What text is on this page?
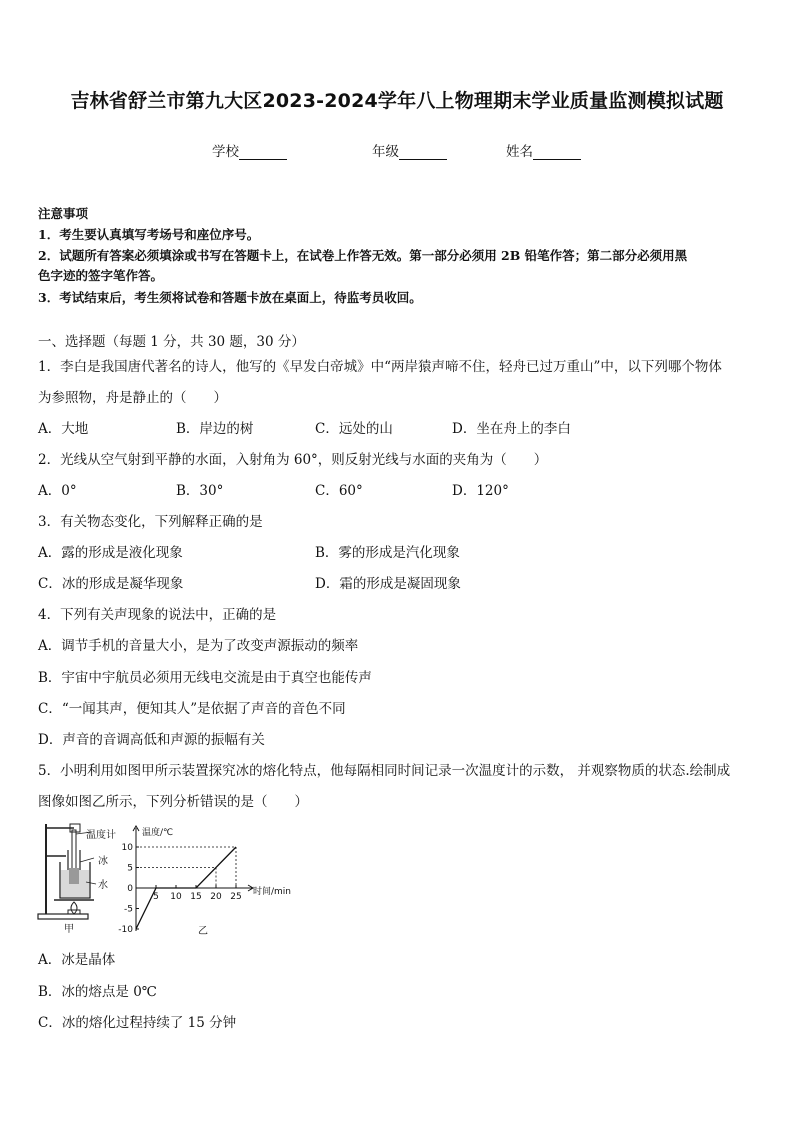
吉林省舒兰市第九大区2023-2024学年八上物理期末学业质量监测模拟试题
学校	年级	姓名
注意事项
1．考生要认真填写考场号和座位序号。
2．试题所有答案必须填涂或书写在答题卡上，在试卷上作答无效。第一部分必须用 2B 铅笔作答；第二部分必须用黑
色字迹的签字笔作答。
3．考试结束后，考生须将试卷和答题卡放在桌面上，待监考员收回。
一、选择题（每题 1 分，共 30 题，30 分）
1．李白是我国唐代著名的诗人，他写的《早发白帝城》中“两岸猿声啼不住，轻舟已过万重山”中，以下列哪个物体
为参照物，舟是静止的（　　）
A．大地	B．岸边的树	C．远处的山	D．坐在舟上的李白
2．光线从空气射到平静的水面，入射角为 60°，则反射光线与水面的夹角为（　　）
A．0°	B．30°	C．60°	D．120°
3．有关物态变化，下列解释正确的是
A．露的形成是液化现象	B．雾的形成是汽化现象
C．冰的形成是凝华现象	D．霜的形成是凝固现象
4．下列有关声现象的说法中，正确的是
A．调节手机的音量大小，是为了改变声源振动的频率
B．宇宙中宇航员必须用无线电交流是由于真空也能传声
C．“一闻其声，便知其人”是依据了声音的音色不同
D．声音的音调高低和声源的振幅有关
5．小明利用如图甲所示装置探究冰的熔化特点，他每隔相同时间记录一次温度计的示数， 并观察物质的状态.绘制成
图像如图乙所示，下列分析错误的是（　　）
温度计
冰
水
甲	-10
-5
0
5
10
5 10 15 20 25
温度/℃
时间/min
乙
A．冰是晶体
B．冰的熔点是 0℃
C．冰的熔化过程持续了 15 分钟
